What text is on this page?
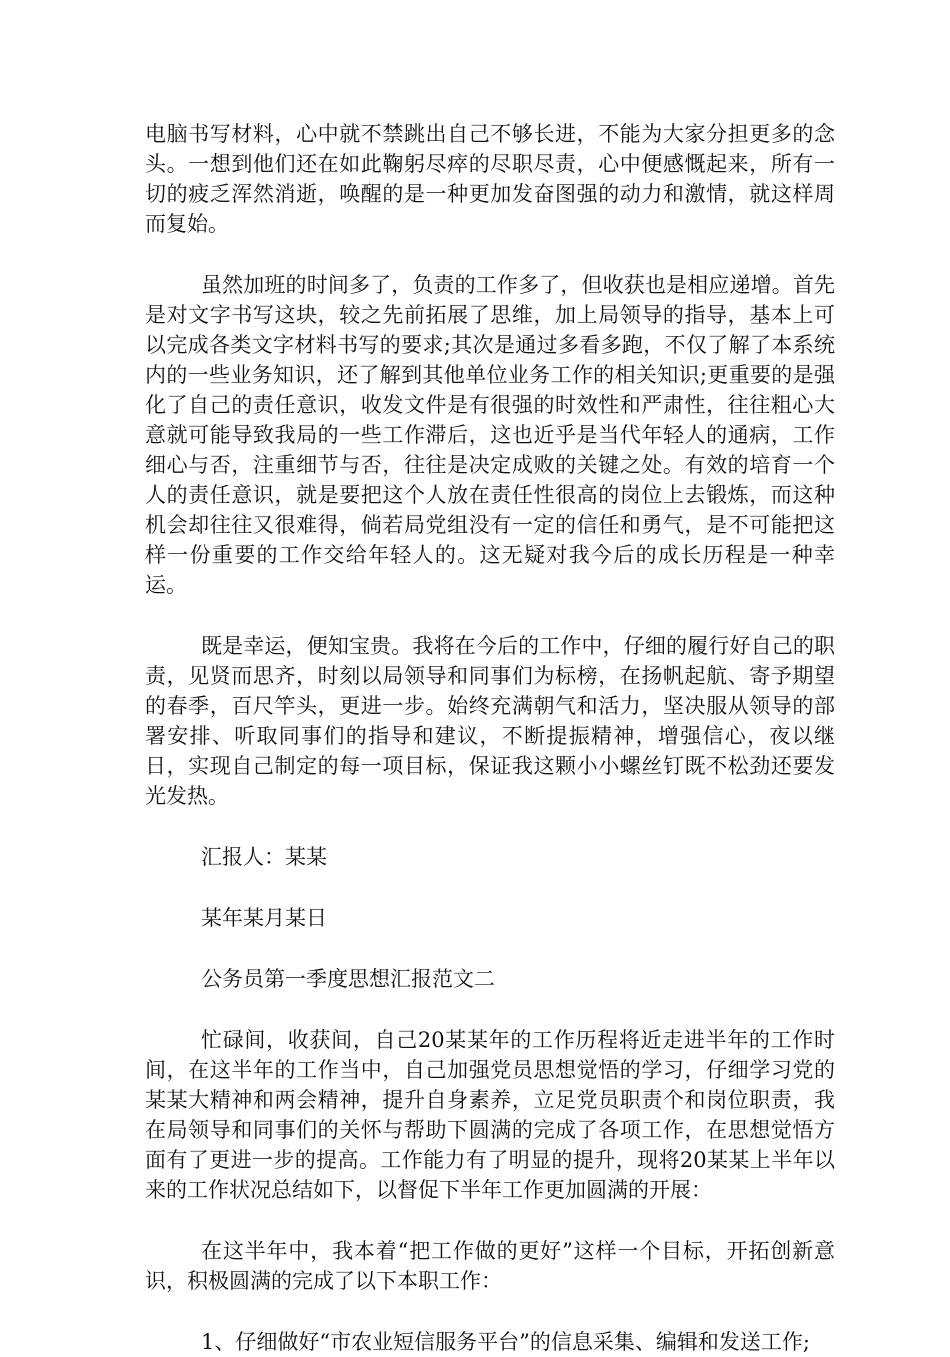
电脑书写材料，心中就不禁跳出自己不够长进，不能为大家分担更多的念头。一想到他们还在如此鞠躬尽瘁的尽职尽责，心中便感慨起来，所有一切的疲乏浑然消逝，唤醒的是一种更加发奋图强的动力和激情，就这样周而复始。

虽然加班的时间多了，负责的工作多了，但收获也是相应递增。首先是对文字书写这块，较之先前拓展了思维，加上局领导的指导，基本上可以完成各类文字材料书写的要求;其次是通过多看多跑，不仅了解了本系统内的一些业务知识，还了解到其他单位业务工作的相关知识;更重要的是强化了自己的责任意识，收发文件是有很强的时效性和严肃性，往往粗心大意就可能导致我局的一些工作滞后，这也近乎是当代年轻人的通病，工作细心与否，注重细节与否，往往是决定成败的关键之处。有效的培育一个人的责任意识，就是要把这个人放在责任性很高的岗位上去锻炼，而这种机会却往往又很难得，倘若局党组没有一定的信任和勇气，是不可能把这样一份重要的工作交给年轻人的。这无疑对我今后的成长历程是一种幸运。

既是幸运，便知宝贵。我将在今后的工作中，仔细的履行好自己的职责，见贤而思齐，时刻以局领导和同事们为标榜，在扬帆起航、寄予期望的春季，百尺竿头，更进一步。始终充满朝气和活力，坚决服从领导的部署安排、听取同事们的指导和建议，不断提振精神，增强信心，夜以继日，实现自己制定的每一项目标，保证我这颗小小螺丝钉既不松劲还要发光发热。

汇报人：某某

某年某月某日

公务员第一季度思想汇报范文二

忙碌间，收获间，自己20某某年的工作历程将近走进半年的工作时间，在这半年的工作当中，自己加强党员思想觉悟的学习，仔细学习党的某某大精神和两会精神，提升自身素养，立足党员职责个和岗位职责，我在局领导和同事们的关怀与帮助下圆满的完成了各项工作，在思想觉悟方面有了更进一步的提高。工作能力有了明显的提升，现将20某某上半年以来的工作状况总结如下，以督促下半年工作更加圆满的开展：

在这半年中，我本着“把工作做的更好”这样一个目标，开拓创新意识，积极圆满的完成了以下本职工作：

1、仔细做好“市农业短信服务平台”的信息采集、编辑和发送工作;
